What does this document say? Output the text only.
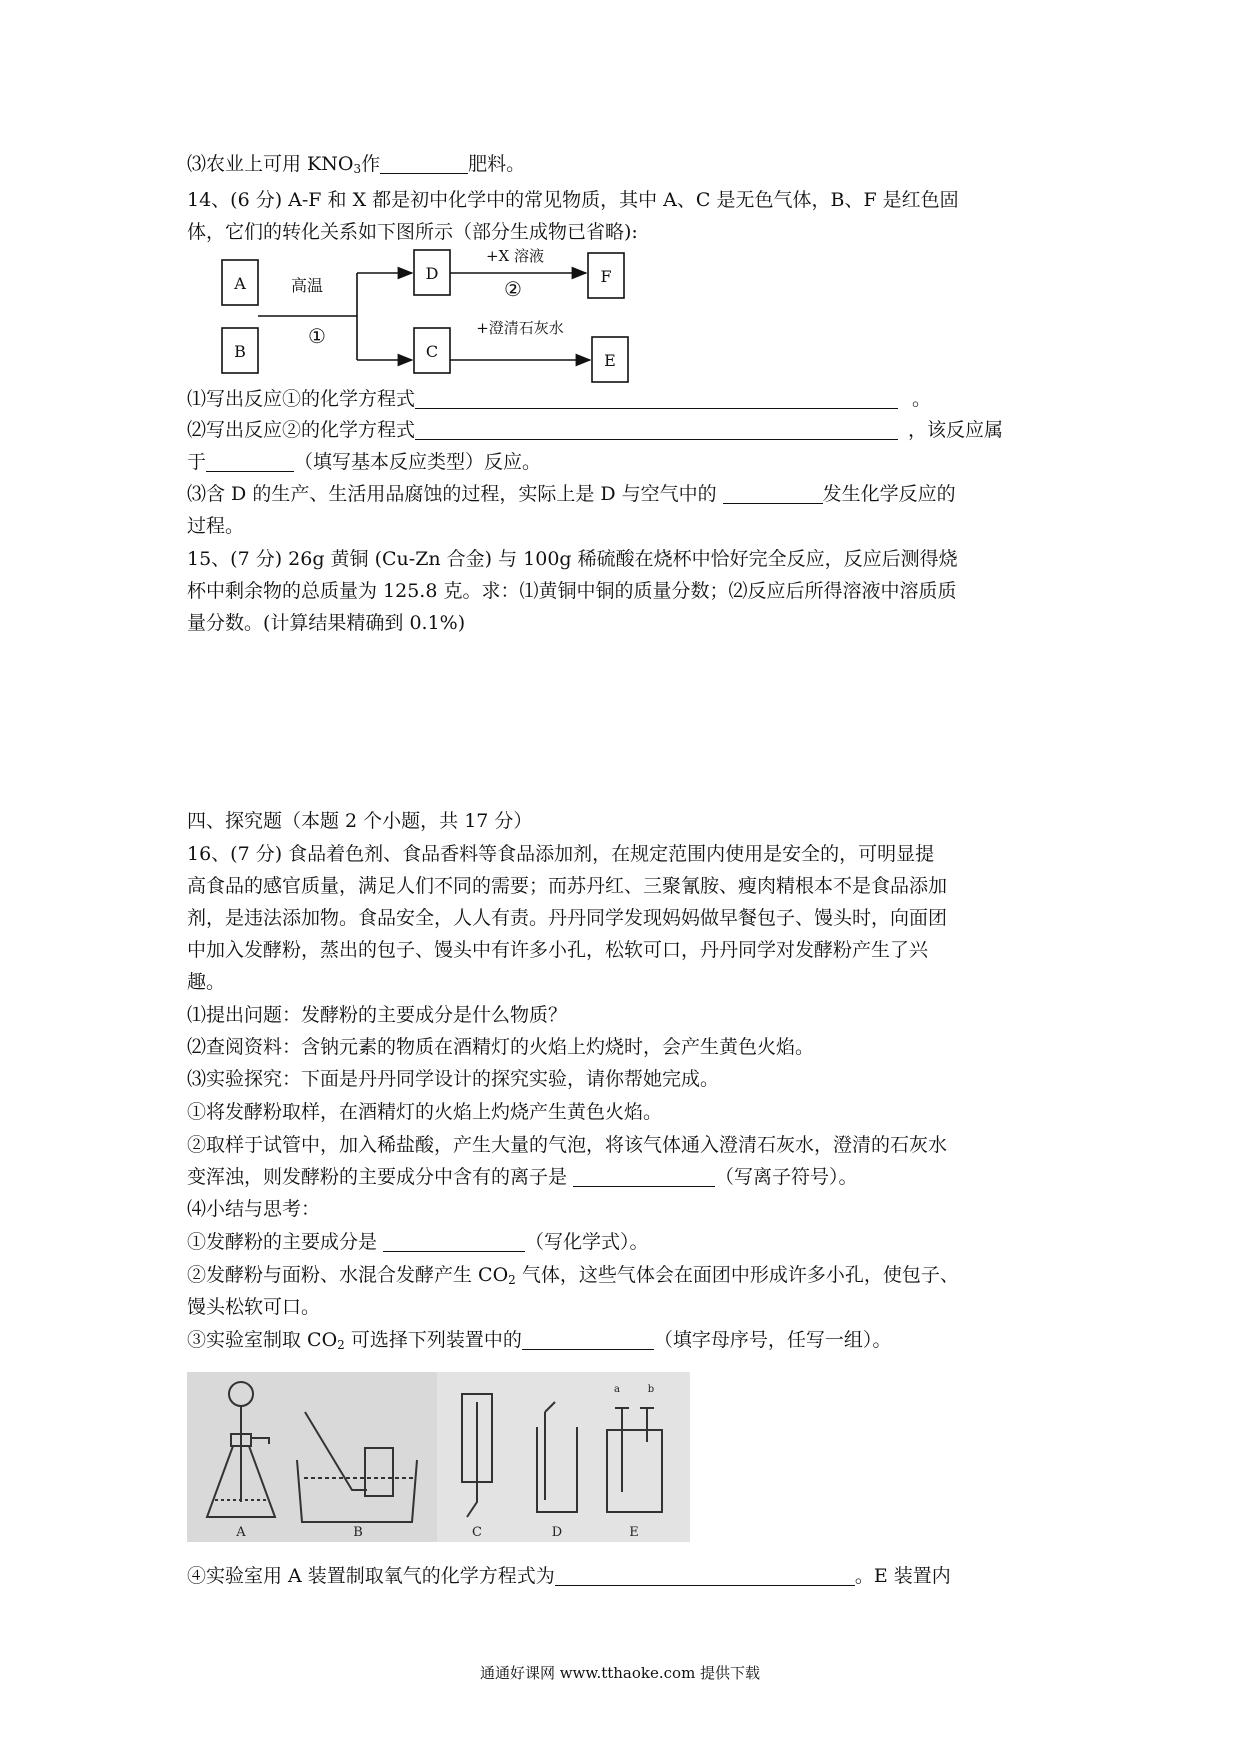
⑶农业上可用 $KNO_3$作	肥料。
14、(6 分) A-F 和 X 都是初中化学中的常见物质，其中 A、C 是无色气体，B、F 是红色固
体，它们的转化关系如下图所示（部分生成物已省略):
A
B
D
C
F
E
高温
①
+X 溶液
②
+澄清石灰水
⑴写出反应①的化学方程式	。
⑵写出反应②的化学方程式	，该反应属
于	（填写基本反应类型）反应。
⑶含 D 的生产、生活用品腐蚀的过程，实际上是 D 与空气中的	发生化学反应的
过程。
15、(7 分) 26g 黄铜 (Cu-Zn 合金) 与 100g 稀硫酸在烧杯中恰好完全反应，反应后测得烧
杯中剩余物的总质量为 125.8 克。求：⑴黄铜中铜的质量分数；⑵反应后所得溶液中溶质质
量分数。(计算结果精确到 0.1%)
四、探究题（本题 2 个小题，共 17 分）
16、(7 分) 食品着色剂、食品香料等食品添加剂，在规定范围内使用是安全的，可明显提
高食品的感官质量，满足人们不同的需要；而苏丹红、三聚氰胺、瘦肉精根本不是食品添加
剂，是违法添加物。食品安全，人人有责。丹丹同学发现妈妈做早餐包子、馒头时，向面团
中加入发酵粉，蒸出的包子、馒头中有许多小孔，松软可口，丹丹同学对发酵粉产生了兴
趣。
⑴提出问题：发酵粉的主要成分是什么物质？
⑵查阅资料：含钠元素的物质在酒精灯的火焰上灼烧时，会产生黄色火焰。
⑶实验探究：下面是丹丹同学设计的探究实验，请你帮她完成。
①将发酵粉取样，在酒精灯的火焰上灼烧产生黄色火焰。
②取样于试管中，加入稀盐酸，产生大量的气泡，将该气体通入澄清石灰水，澄清的石灰水
变浑浊，则发酵粉的主要成分中含有的离子是	（写离子符号）。
⑷小结与思考：
①发酵粉的主要成分是	（写化学式）。
②发酵粉与面粉、水混合发酵产生 $CO_2$ 气体，这些气体会在面团中形成许多小孔，使包子、
馒头松软可口。
③实验室制取 $CO_2$ 可选择下列装置中的	（填字母序号，任写一组）。
A	B	C	D	E
a	b
④实验室用 A 装置制取氧气的化学方程式为	。E 装置内
通通好课网 www.tthaoke.com 提供下载
